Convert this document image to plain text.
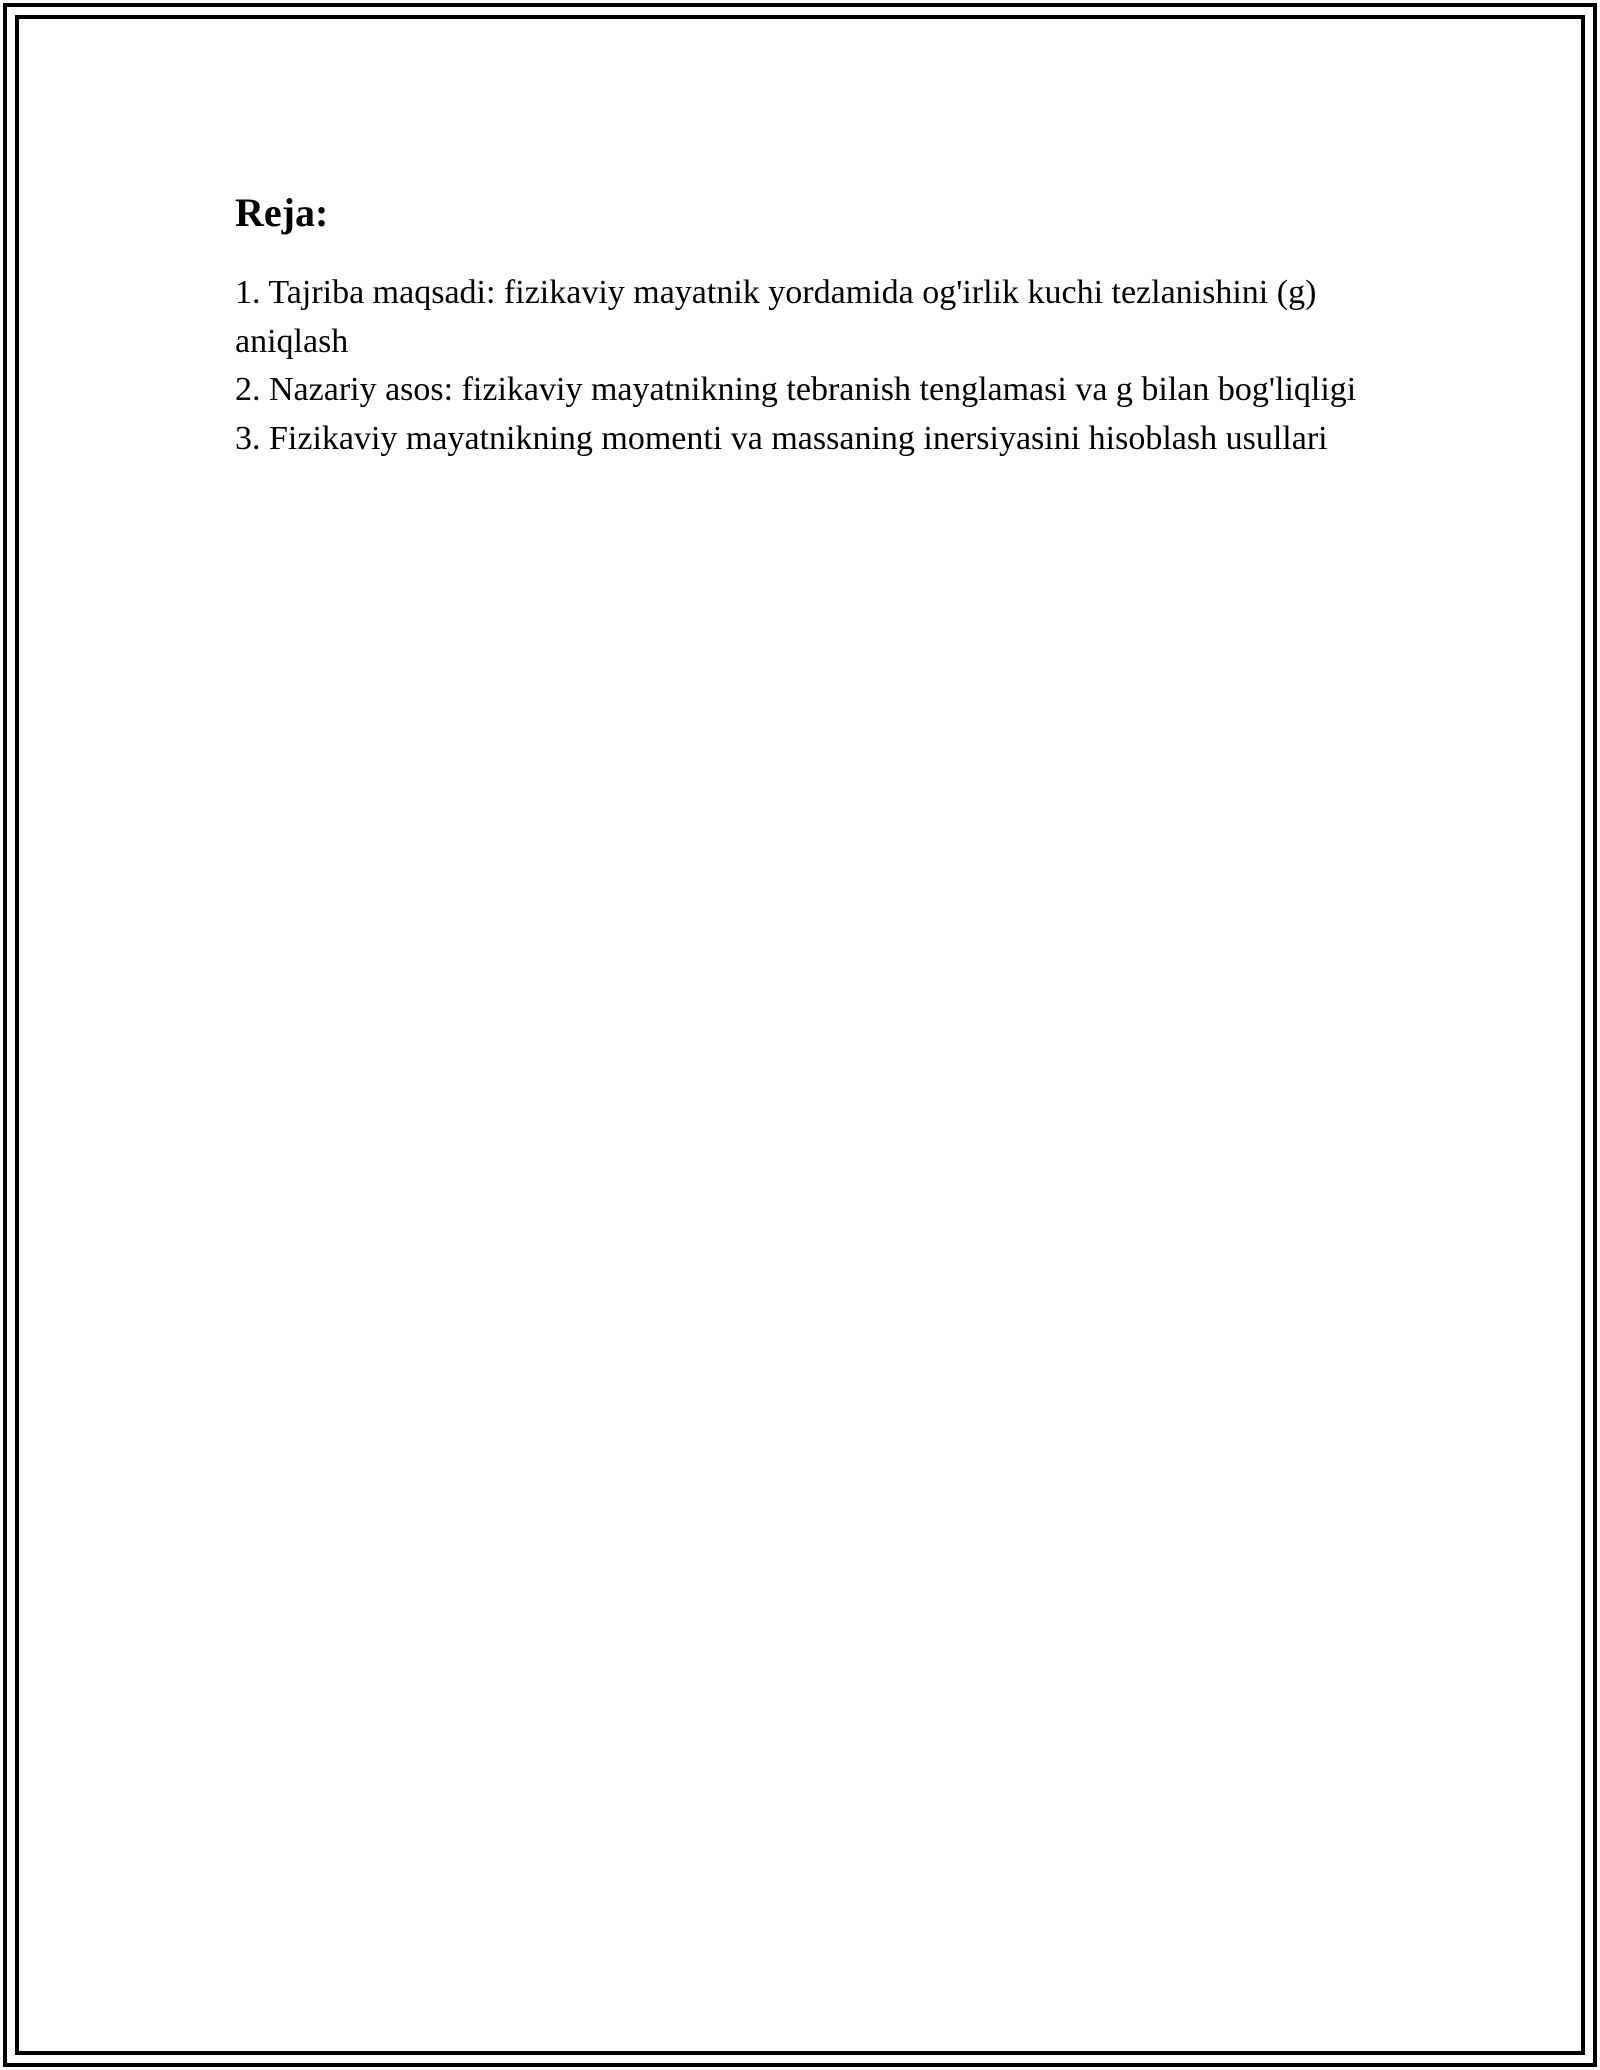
Reja:
1. Tajriba maqsadi: fizikaviy mayatnik yordamida og'irlik kuchi tezlanishini (g) aniqlash
2. Nazariy asos: fizikaviy mayatnikning tebranish tenglamasi va g bilan bog'liqligi
3. Fizikaviy mayatnikning momenti va massaning inersiyasini hisoblash usullari
